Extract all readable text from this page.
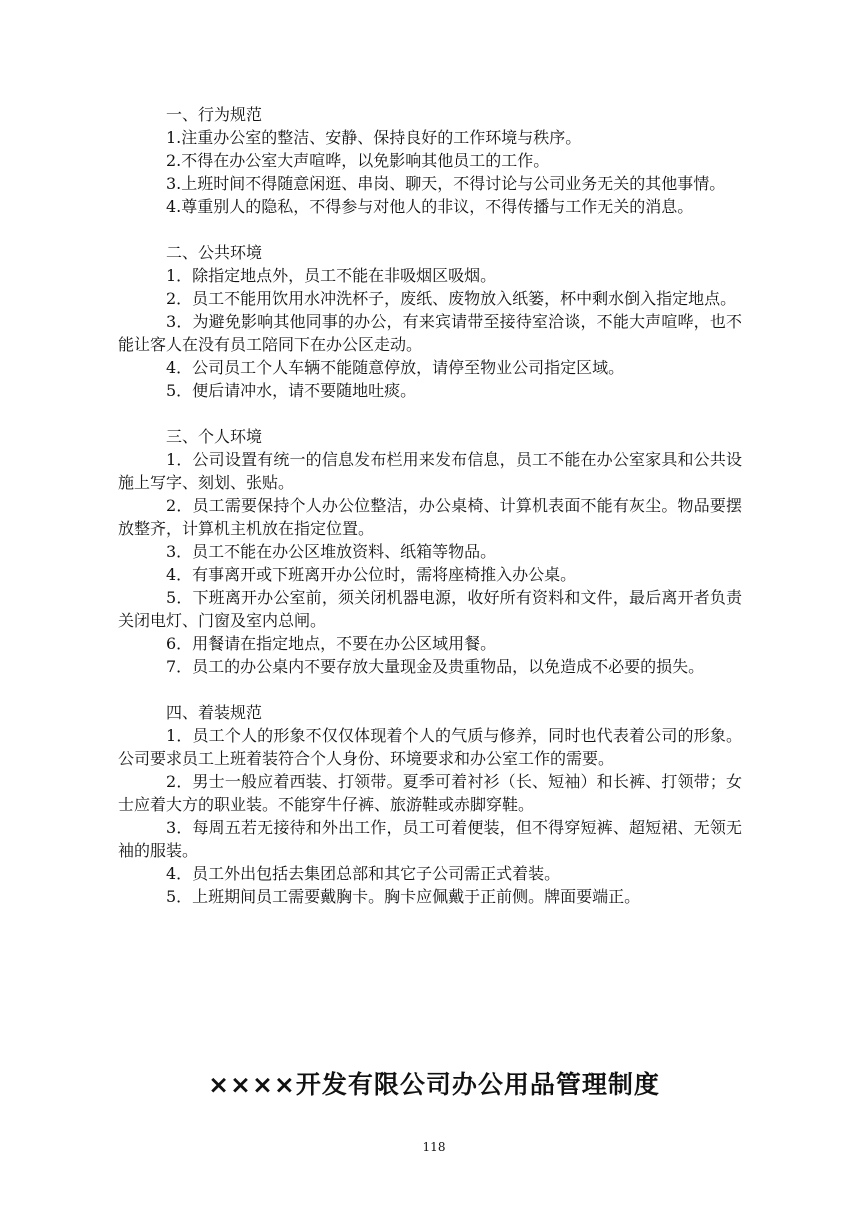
一、行为规范

1.注重办公室的整洁、安静、保持良好的工作环境与秩序。

2.不得在办公室大声喧哗，以免影响其他员工的工作。

3.上班时间不得随意闲逛、串岗、聊天，不得讨论与公司业务无关的其他事情。

4.尊重别人的隐私，不得参与对他人的非议，不得传播与工作无关的消息。

二、公共环境

1．除指定地点外，员工不能在非吸烟区吸烟。

2．员工不能用饮用水冲洗杯子，废纸、废物放入纸篓，杯中剩水倒入指定地点。

3．为避免影响其他同事的办公，有来宾请带至接待室洽谈，不能大声喧哗，也不能让客人在没有员工陪同下在办公区走动。

4．公司员工个人车辆不能随意停放，请停至物业公司指定区域。

5．便后请冲水，请不要随地吐痰。

三、个人环境

1．公司设置有统一的信息发布栏用来发布信息，员工不能在办公室家具和公共设施上写字、刻划、张贴。

2．员工需要保持个人办公位整洁，办公桌椅、计算机表面不能有灰尘。物品要摆放整齐，计算机主机放在指定位置。

3．员工不能在办公区堆放资料、纸箱等物品。

4．有事离开或下班离开办公位时，需将座椅推入办公桌。

5．下班离开办公室前，须关闭机器电源，收好所有资料和文件，最后离开者负责关闭电灯、门窗及室内总闸。

6．用餐请在指定地点，不要在办公区域用餐。

7．员工的办公桌内不要存放大量现金及贵重物品，以免造成不必要的损失。

四、着装规范

1．员工个人的形象不仅仅体现着个人的气质与修养，同时也代表着公司的形象。公司要求员工上班着装符合个人身份、环境要求和办公室工作的需要。

2．男士一般应着西装、打领带。夏季可着衬衫（长、短袖）和长裤、打领带；女士应着大方的职业装。不能穿牛仔裤、旅游鞋或赤脚穿鞋。

3．每周五若无接待和外出工作，员工可着便装，但不得穿短裤、超短裙、无领无袖的服装。

4．员工外出包括去集团总部和其它子公司需正式着装。

5．上班期间员工需要戴胸卡。胸卡应佩戴于正前侧。牌面要端正。

××××开发有限公司办公用品管理制度

118
